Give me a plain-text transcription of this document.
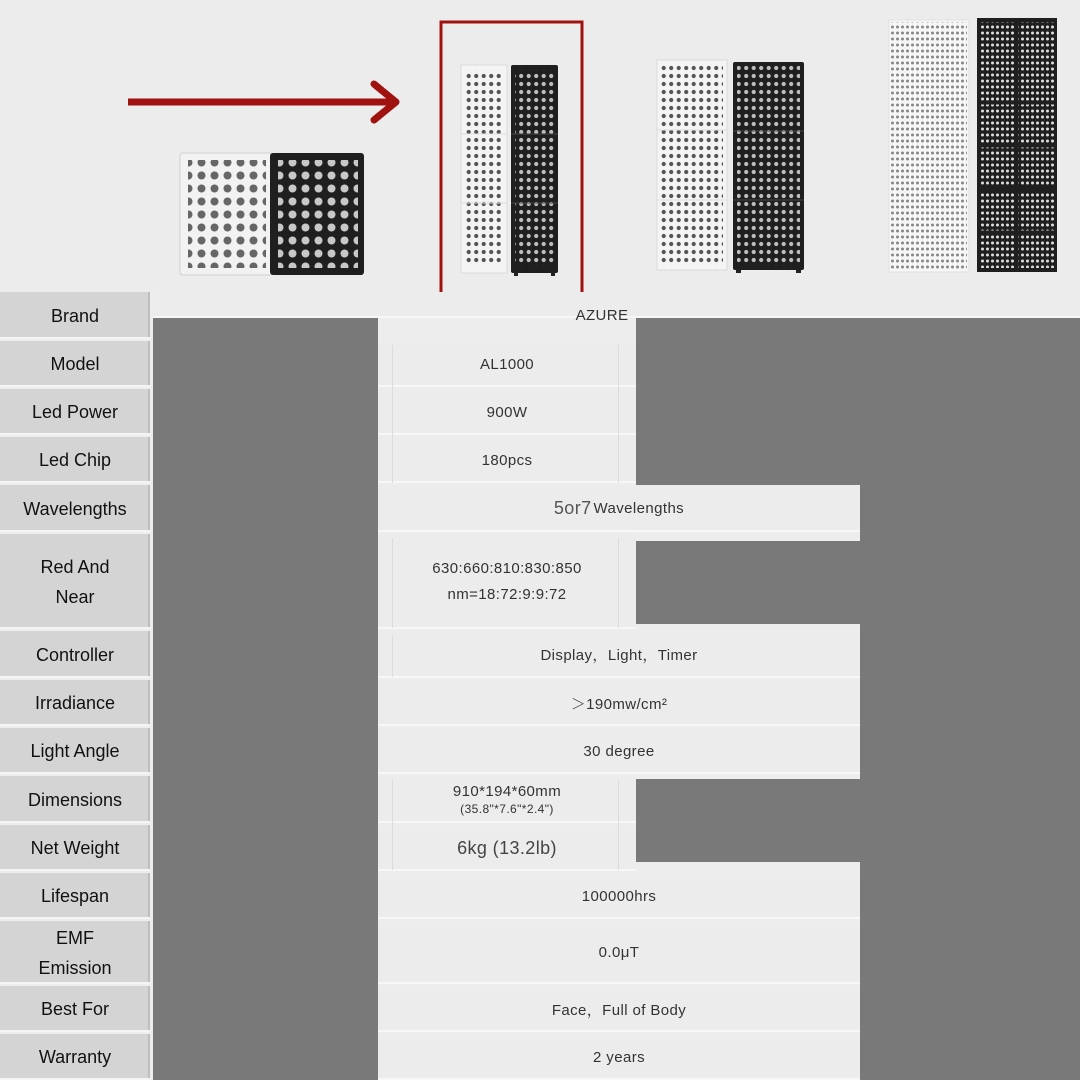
Brand
Model
Led Power
Led Chip
Wavelengths
Red And
Near
Controller
Irradiance
Light Angle
Dimensions
Net Weight
Lifespan
EMF
Emission
Best For
Warranty
AZURE
AL1000
900W
180pcs
5or7 Wavelengths
630:660:810:830:850
nm=18:72:9:9:72
Display，Light，Timer
＞190mw/cm²
30 degree
910*194*60mm
(35.8"*7.6"*2.4")
6kg (13.2lb)
100000hrs
0.0μT
Face，Full of Body
2 years
